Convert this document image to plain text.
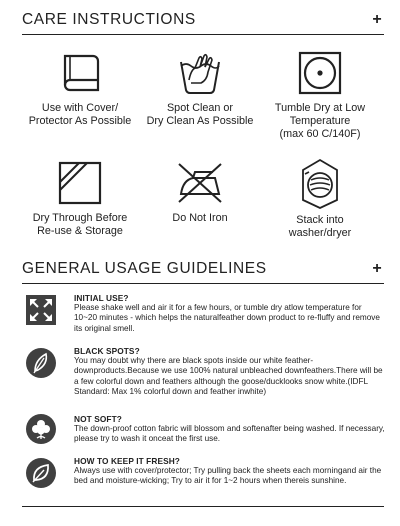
CARE INSTRUCTIONS	+
Use with Cover/
Protector As Possible
Spot Clean or
Dry Clean As Possible
Tumble Dry at Low
Temperature
(max 60 C/140F)
Dry Through Before
Re-use & Storage
Do Not Iron	Stack into
washer/dryer
GENERAL USAGE GUIDELINES	+
INITIAL USE?
Please shake well and air it for a few hours, or tumble dry atlow temperature for 10~20 minutes - which helps the naturalfeather down product to re-fluffy and remove its original smell.
BLACK SPOTS?
You may doubt why there are black spots inside our white feather-downproducts.Because we use 100% natural unbleached downfeathers.There will be a few colorful down and feathers although the goose/ducklooks snow white.(IDFL Standard: Max 1% colorful down and feather inwhite)
NOT SOFT?
The down-proof cotton fabric will blossom and softenafter being washed. If necessary, please try to wash it onceat the first use.
HOW TO KEEP IT FRESH?
Always use with cover/protector; Try pulling back the sheets each morningand air the bed and moisture-wicking; Try to air it for 1~2 hours when thereis sunshine.
